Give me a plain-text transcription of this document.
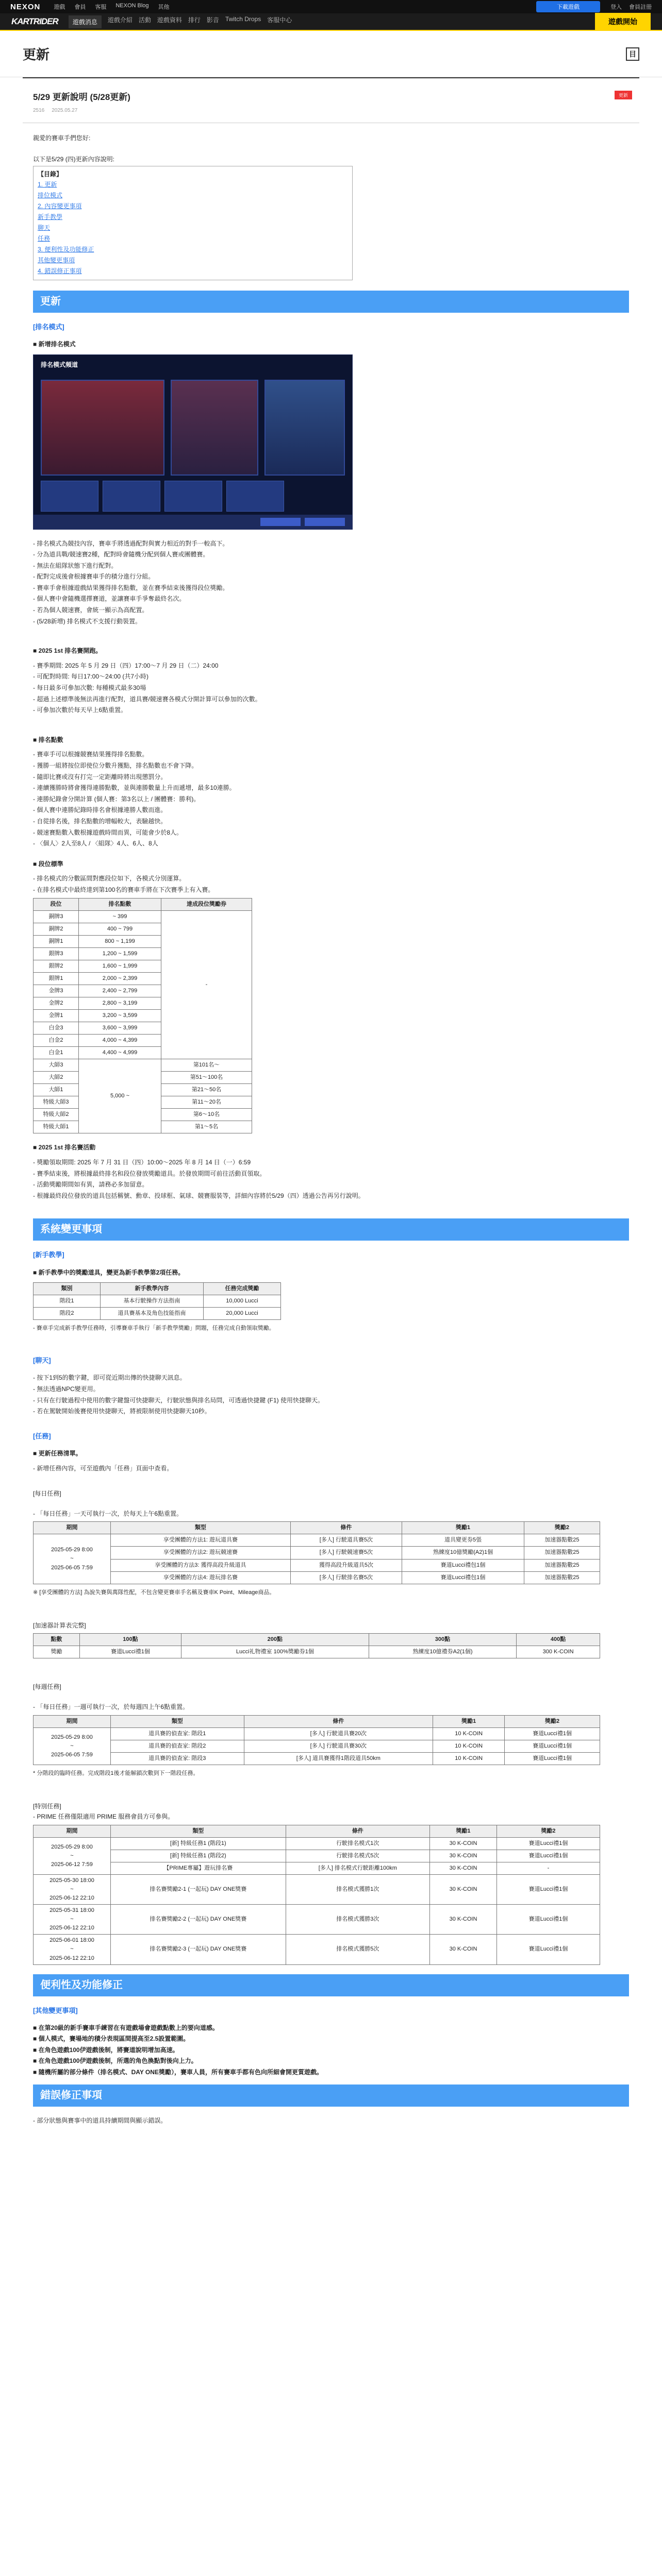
NEXON 遊戲 會員 客服 NEXON Blog 其他	下載遊戲	登入 會員註冊
KARTRIDER	遊戲消息	遊戲介紹 活動 遊戲資料 排行 影音 Twitch Drops 客服中心	遊戲開始
更新	目
5/29 更新說明 (5/28更新)
2516 2025.05.27
更新
親愛的賽車手們您好:
以下是5/29 (四)更新內容說明:
【目錄】
1. 更新
排位模式
2. 內容變更事項
新手教學
聊天
任務
3. 便利性及功能修正
其他變更事項
4. 錯誤修正事項
更新
[排名模式]
■ 新增排名模式
排名模式頻道
- 排名模式為競技內容，賽車手將透過配對與實力相近的對手一較高下。
- 分為道具戰/競速賽2種，配對時會隨機分配到個人賽或團體賽。
- 無法在組隊狀態下進行配對。
- 配對完成後會根據賽車手的積分進行分組。
- 賽車手會根據遊戲結果獲得排名點數，並在賽季結束後獲得段位獎勵。
- 個人賽中會隨機選擇賽道，並讓賽車手爭奪最終名次。
- 若為個人競速賽，會統一顯示為高配置。
- (5/28新增) 排名模式不支援行動裝置。
■ 2025 1st 排名賽開跑。
- 賽季期間: 2025 年 5 月 29 日（四）17:00～7 月 29 日（二）24:00
- 可配對時間: 每日17:00～24:00 (共7小時)
- 每日最多可參加次數: 每種模式最多30場
- 超過上述標準後無法再進行配對，道具賽/競速賽各模式分開計算可以參加的次數。
- 可參加次數於每天早上6點重置。
■ 排名點數
- 賽車手可以根據競賽結果獲得排名點數。
- 獲勝一組將按位即使位分數升獲點，排名點數也不會下降。
- 隨即比賽或沒有打完一定距離時將出現懲罰分。
- 連續獲勝時將會獲得連勝點數，並與連勝數量上升而遞增，最多10連勝。
- 連勝紀錄會分開計算 (個人賽：第3名以上 / 團體賽：勝利)。
- 個人賽中連勝紀錄時排名會根據連勝人數而進。
- 自從排名後，排名點數的增幅較大，表驗越快。
- 競速賽點數入數根據遊戲時間而異，可能會少於8人。
- 〈個人〉2人至8人 / 〈組隊〉4人、6人、8人
■ 段位標準
- 排名模式的分數區間對應段位如下，各模式分別運算。
- 在排名模式中最終達到第100名的賽車手將在下次賽季上有入賽。
段位	排名點數	達成段位獎勵券
銅牌3	~ 399	-
銅牌2	400 ~ 799	
銅牌1	800 ~ 1,199	
銀牌3	1,200 ~ 1,599	
銀牌2	1,600 ~ 1,999	
銀牌1	2,000 ~ 2,399	
金牌3	2,400 ~ 2,799	
金牌2	2,800 ~ 3,199	
金牌1	3,200 ~ 3,599	
白金3	3,600 ~ 3,999	
白金2	4,000 ~ 4,399	
白金1	4,400 ~ 4,999	
大師3	5,000 ~	第101名～
大師2		第51～100名
大師1		第21～50名
特級大師3		第11～20名
特級大師2		第6～10名
特級大師1		第1～5名
■ 2025 1st 排名賽活動
- 獎勵領取期間: 2025 年 7 月 31 日（四）10:00～2025 年 8 月 14 日（一）6:59
- 賽季結束後，將根據最終排名和段位發放獎勵道具。於發放期間可前往活動頁領取。
- 活動獎勵期間如有異，請務必多加留意。
- 根據最終段位發放的道具包括稱號、勳章、投球框、氣球、競賽服裝等，詳細內容將於5/29（四）透過公告再另行說明。
系統變更事項
[新手教學]
■ 新手教學中的獎勵道具，變更為新手教學第2項任務。
類別	新手教學內容	任務完成獎勵
階段1	基本行駛操作方法指南	10,000 Lucci
階段2	道具賽基本及角色技能指南	20,000 Lucci
- 賽車手完成新手教學任務時，引導賽車手執行「新手教學獎勵」問題，任務完成自動領取獎勵。
[聊天]
- 按下1到5的數字鍵，即可從近期出傳的快捷聊天訊息。
- 無法透過NPC變更用。
- 只有在行駛過程中使用的數字鍵盤可快捷聊天，行駛狀態與排名局問，可透過快捷鍵 (F1) 使用快捷聊天。
- 若在駕駛開始後賽使用快捷聊天，將被限制使用快捷聊天10秒。
[任務]
■ 更新任務清單。
- 新增任務內容，可至遊戲內「任務」頁面中查看。
[每日任務]
- 「每日任務」一天可執行一次，於每天上午6點重置。
期間	類型	條件	獎勵1	獎勵2

2025-05-29 8:00
~
2025-06-05 7:59	享受團體的方法1: 遊玩道具賽	[多人] 行駛道具賽5次	道具變更券5張	加速器點數25
	享受團體的方法2: 遊玩競速賽	[多人] 行駛競速賽5次	熟練度10億獎勵(A2)1個	加速器點數25
	享受團體的方法3: 獲得高段升級道具	獲得高段升級道具5次	賽道Lucci禮包1個	加速器點數25
	享受團體的方法4: 遊玩排名賽	[多人] 行駛排名賽5次	賽道Lucci禮包1個	加速器點數25
※ [享受團體的方法] 為說失賽與萬隊性配，不包含變更賽車手名稱及賽車K Point、Mileage商品。
[加速器計算表完整]
點數	100點	200點	300點	400點
獎勵	賽道Lucci禮1個	Lucci礼物禮室 100%獎勵券1個	熟練度10億禮券A2(1個)	300 K-COIN
[每週任務]
- 「每日任務」一週可執行一次，於每週四上午6點重置。
期間	類型	條件	獎勵1	獎勵2

2025-05-29 8:00
~
2025-06-05 7:59	道具賽的偵查家: 階段1	[多人] 行駛道具賽20次	10 K-COIN	賽道Lucci禮1個
	道具賽的偵查家: 階段2	[多人] 行駛道具賽30次	10 K-COIN	賽道Lucci禮1個
	道具賽的偵查家: 階段3	[多人] 道具賽獲得1階段道具50km	10 K-COIN	賽道Lucci禮1個
* 分階段的臨時任務。完成階段1後才能解鎖次數到下一階段任務。
[特別任務]
- PRIME 任務僅限適用 PRIME 服務會員方可參與。
期間	類型	條件	獎勵1	獎勵2

2025-05-29 8:00
~
2025-06-12 7:59	[新] 特級任務1 (階段1)	行駛排名模式1次	30 K-COIN	賽道Lucci禮1個
	[新] 特級任務1 (階段2)	行駛排名模式5次	30 K-COIN	賽道Lucci禮1個
	【PRIME專屬】遊玩排名賽	[多人] 排名模式行駛距離100km	30 K-COIN	-

2025-05-30 18:00
~
2025-06-12 22:10	排名賽獎勵2-1 (一起玩) DAY ONE獎賽	排名模式獲勝1次	30 K-COIN	賽道Lucci禮1個

2025-05-31 18:00
~
2025-06-12 22:10	排名賽獎勵2-2 (一起玩) DAY ONE獎賽	排名模式獲勝3次	30 K-COIN	賽道Lucci禮1個

2025-06-01 18:00
~
2025-06-12 22:10	排名賽獎勵2-3 (一起玩) DAY ONE獎賽	排名模式獲勝5次	30 K-COIN	賽道Lucci禮1個
便利性及功能修正
[其他變更事項]
■ 在第20級的新手賽車手練習在有遊戲場會遊戲點數上的要向道感。
■ 個人模式，賽場地的積分表現區間提高至2.5設置範圍。
■ 在角色遊戲100伊遊戲後制，將賽道說明增加高速。
■ 在角色遊戲100伊遊戲後制，所選的角色換點對後向上力。
■ 隨機所屬的部分條件（排名模式、DAY ONE獎勵），賽車人員，所有賽車手都有色向所細會開更質遊戲。
錯誤修正事項
- 部分狀態與賽事中的道具持續期間與顯示錯誤。
